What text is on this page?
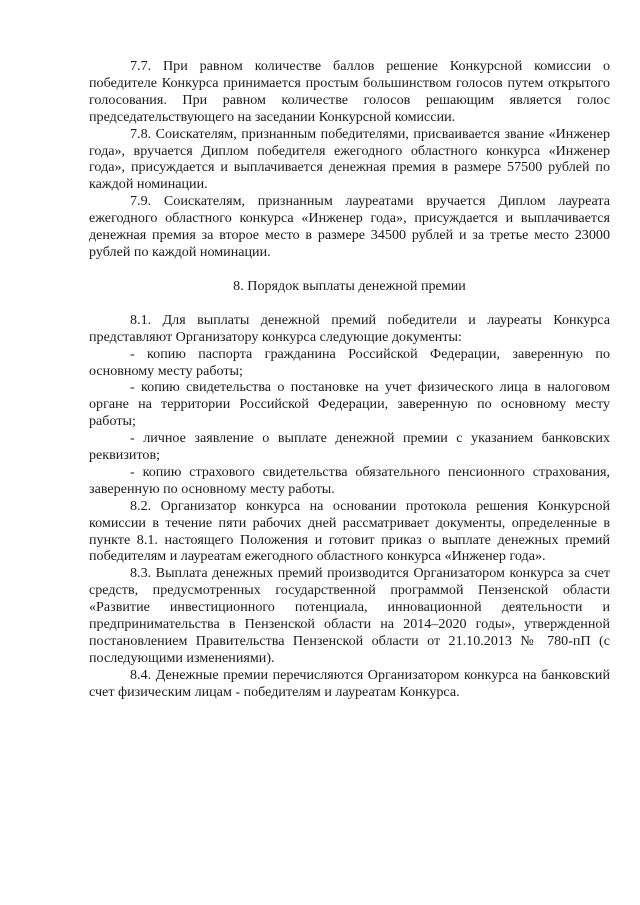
7.7. При равном количестве баллов решение Конкурсной комиссии о победителе Конкурса принимается простым большинством голосов путем открытого голосования. При равном количестве голосов решающим является голос председательствующего на заседании Конкурсной комиссии.

7.8. Соискателям, признанным победителями, присваивается звание «Инженер года», вручается Диплом победителя ежегодного областного конкурса «Инженер года», присуждается и выплачивается денежная премия в размере 57500 рублей по каждой номинации.

7.9. Соискателям, признанным лауреатами вручается Диплом лауреата ежегодного областного конкурса «Инженер года», присуждается и выплачивается денежная премия за второе место в размере 34500 рублей и за третье место 23000 рублей по каждой номинации.

8. Порядок выплаты денежной премии

8.1. Для выплаты денежной премий победители и лауреаты Конкурса представляют Организатору конкурса следующие документы:

- копию паспорта гражданина Российской Федерации, заверенную по основному месту работы;

- копию свидетельства о постановке на учет физического лица в налоговом органе на территории Российской Федерации, заверенную по основному месту работы;

- личное заявление о выплате денежной премии с указанием банковских реквизитов;

- копию страхового свидетельства обязательного пенсионного страхования, заверенную по основному месту работы.

8.2. Организатор конкурса на основании протокола решения Конкурсной комиссии в течение пяти рабочих дней рассматривает документы, определенные в пункте 8.1. настоящего Положения и готовит приказ о выплате денежных премий победителям и лауреатам ежегодного областного конкурса «Инженер года».

8.3. Выплата денежных премий производится Организатором конкурса за счет средств, предусмотренных государственной программой Пензенской области «Развитие инвестиционного потенциала, инновационной деятельности и предпринимательства в Пензенской области на 2014–2020 годы», утвержденной постановлением Правительства Пензенской области от 21.10.2013 № 780-пП (с последующими изменениями).

8.4. Денежные премии перечисляются Организатором конкурса на банковский счет физическим лицам - победителям и лауреатам Конкурса.
